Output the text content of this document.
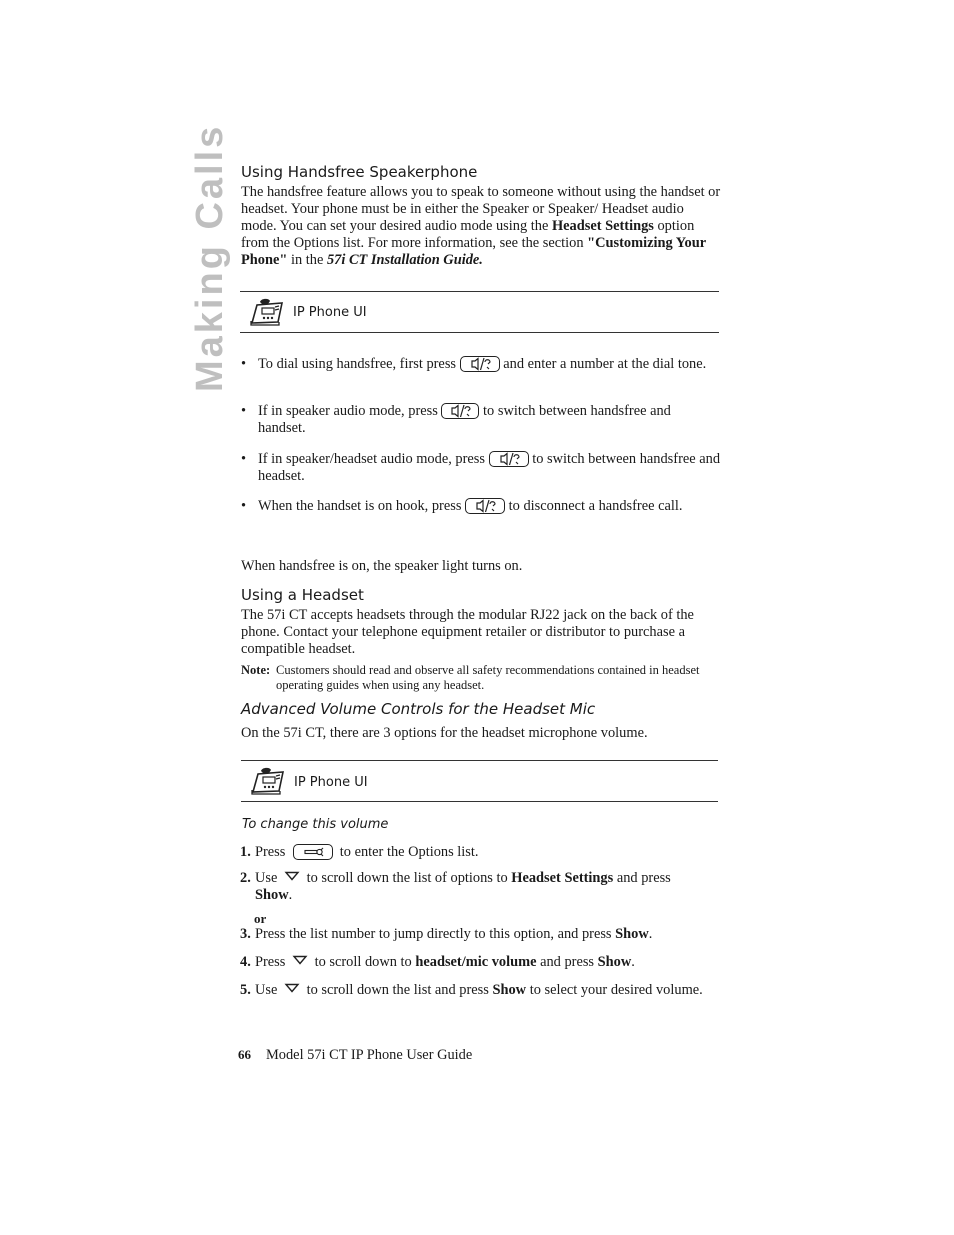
Making Calls Using Handsfree Speakerphone
The handsfree feature allows you to speak to someone without using the handset or headset. Your phone must be in either the Speaker or Speaker/ Headset audio mode. You can set your desired audio mode using the Headset Settings option from the Options list. For more information, see the section "Customizing Your Phone" in the 57i CT Installation Guide.
IP Phone UI
• To dial using handsfree, first press	and enter a number at the dial tone.
• If in speaker audio mode, press	to switch between handsfree and handset.
• If in speaker/headset audio mode, press	to switch between handsfree and headset.
• When the handset is on hook, press	to disconnect a handsfree call.
When handsfree is on, the speaker light turns on.
Using a Headset
The 57i CT accepts headsets through the modular RJ22 jack on the back of the phone. Contact your telephone equipment retailer or distributor to purchase a compatible headset.
Note: Customers should read and observe all safety recommendations contained in headset operating guides when using any headset.
Advanced Volume Controls for the Headset Mic
On the 57i CT, there are 3 options for the headset microphone volume.
IP Phone UI
To change this volume
1. Press	to enter the Options list.
2. Use to scroll down the list of options to Headset Settings and press
Show.
or
3. Press the list number to jump directly to this option, and press Show.
4. Press to scroll down to headset/mic volume and press Show.
5. Use to scroll down the list and press Show to select your desired volume.
66 Model 57i CT IP Phone User Guide
